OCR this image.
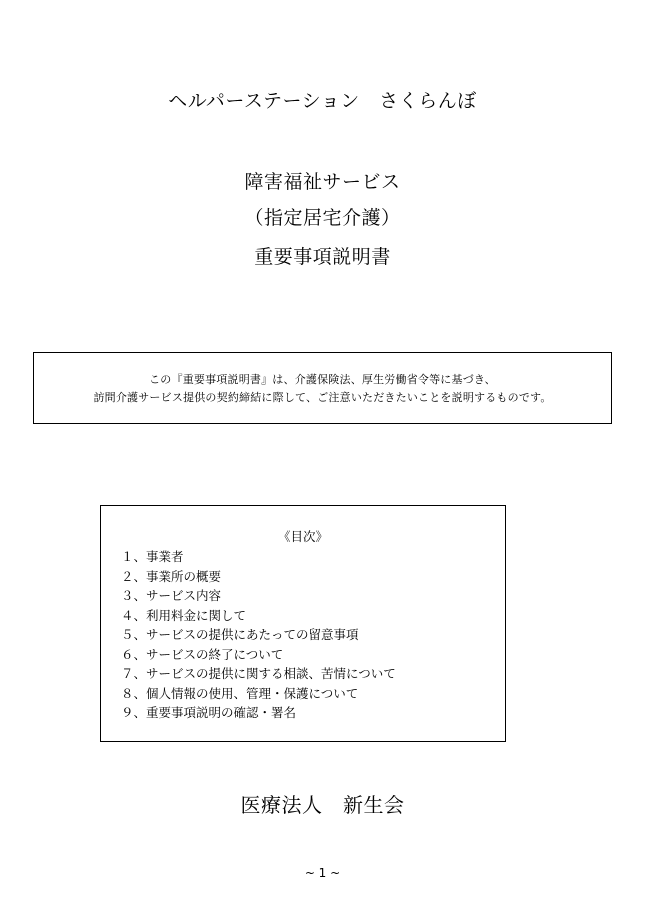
ヘルパーステーション　さくらんぼ
障害福祉サービス
（指定居宅介護）
重要事項説明書
この『重要事項説明書』は、介護保険法、厚生労働省令等に基づき、
訪問介護サービス提供の契約締結に際して、ご注意いただきたいことを説明するものです。
《目次》
１、事業者
２、事業所の概要
３、サービス内容
４、利用料金に関して
５、サービスの提供にあたっての留意事項
６、サービスの終了について
７、サービスの提供に関する相談、苦情について
８、個人情報の使用、管理・保護について
９、重要事項説明の確認・署名
医療法人　新生会
~ 1 ~
